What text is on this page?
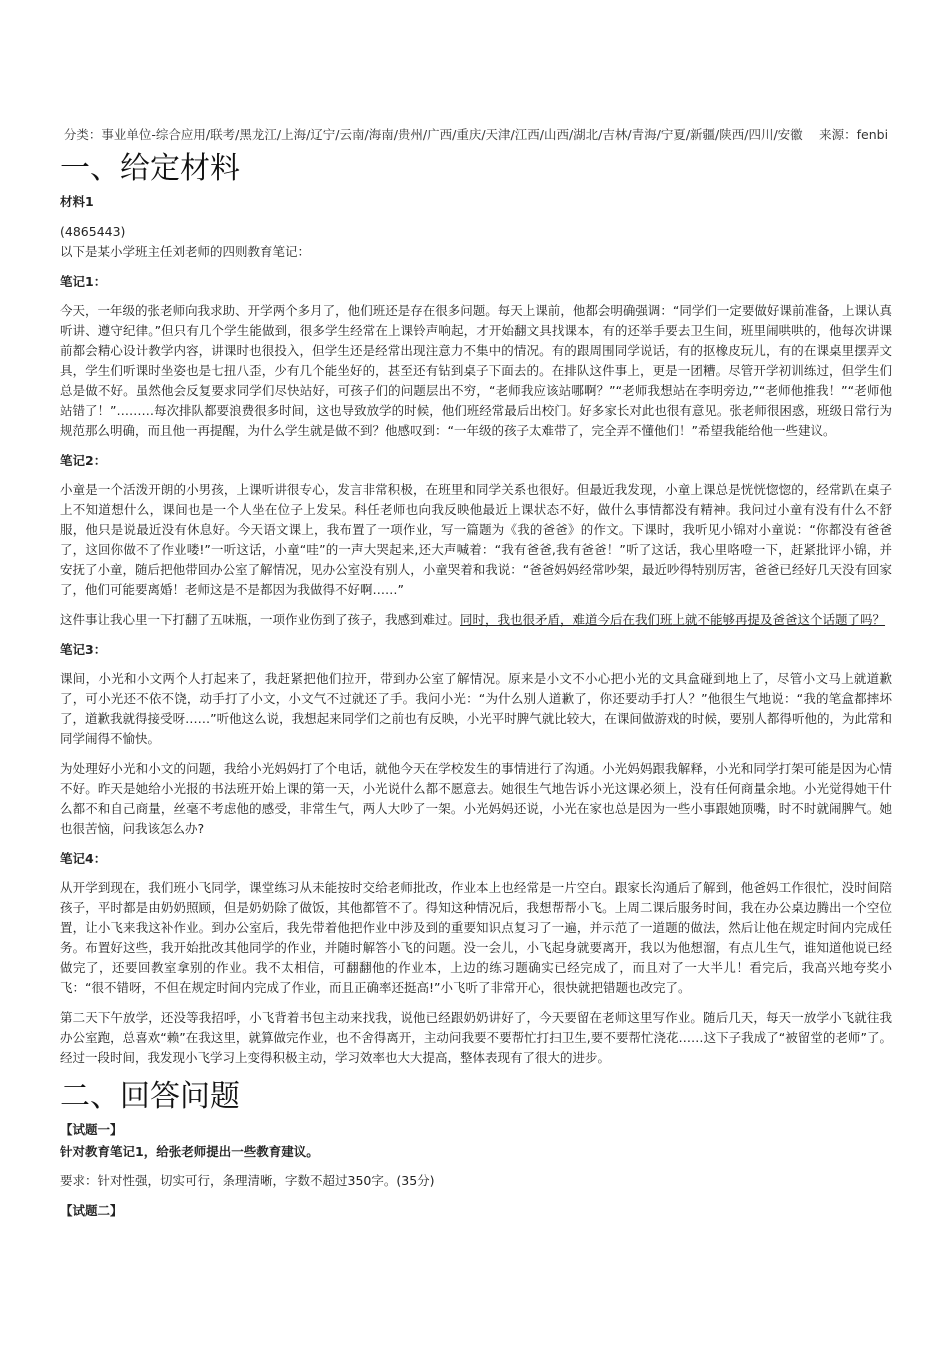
分类：事业单位-综合应用/联考/黑龙江/上海/辽宁/云南/海南/贵州/广西/重庆/天津/江西/山西/湖北/吉林/青海/宁夏/新疆/陕西/四川/安徽　 来源：fenbi
一、给定材料
材料1

(4865443)

以下是某小学班主任刘老师的四则教育笔记：

笔记1：

今天，一年级的张老师向我求助、开学两个多月了，他们班还是存在很多问题。每天上课前，他都会明确强调：“同学们一定要做好课前准备，上课认真听讲、遵守纪律。”但只有几个学生能做到，很多学生经常在上课铃声响起，才开始翻文具找课本，有的还举手要去卫生间，班里闹哄哄的，他每次讲课前都会精心设计教学内容，讲课时也很投入，但学生还是经常出现注意力不集中的情况。有的跟周围同学说话，有的抠橡皮玩儿，有的在课桌里摆弄文具，学生们听课时坐姿也是七扭八歪，少有几个能坐好的，甚至还有钻到桌子下面去的。在排队这件事上，更是一团糟。尽管开学初训练过，但学生们总是做不好。虽然他会反复要求同学们尽快站好，可孩子们的问题层出不穷，“老师我应该站哪啊？”“老师我想站在李明旁边,”“老师他推我！”“老师他站错了！”………每次排队都要浪费很多时间，这也导致放学的时候，他们班经常最后出校门。好多家长对此也很有意见。张老师很困惑，班级日常行为规范那么明确，而且他一再提醒，为什么学生就是做不到？他感叹到：“一年级的孩子太难带了，完全弄不懂他们！”希望我能给他一些建议。

笔记2：

小童是一个活泼开朗的小男孩，上课听讲很专心，发言非常积极，在班里和同学关系也很好。但最近我发现，小童上课总是恍恍惚惚的，经常趴在桌子上不知道想什么，课间也是一个人坐在位子上发呆。科任老师也向我反映他最近上课状态不好，做什么事情都没有精神。我问过小童有没有什么不舒服，他只是说最近没有休息好。今天语文课上，我布置了一项作业，写一篇题为《我的爸爸》的作文。下课时，我听见小锦对小童说：“你都没有爸爸了，这回你做不了作业喽!”一听这话，小童“哇”的一声大哭起来,还大声喊着：“我有爸爸,我有爸爸！”听了这话，我心里咯噔一下，赶紧批评小锦，并安抚了小童，随后把他带回办公室了解情况，见办公室没有别人，小童哭着和我说：“爸爸妈妈经常吵架，最近吵得特别厉害，爸爸已经好几天没有回家了，他们可能要离婚！老师这是不是都因为我做得不好啊……”

这件事让我心里一下打翻了五味瓶，一项作业伤到了孩子，我感到难过。同时，我也很矛盾，难道今后在我们班上就不能够再提及爸爸这个话题了吗？

笔记3：

课间，小光和小文两个人打起来了，我赶紧把他们拉开，带到办公室了解情况。原来是小文不小心把小光的文具盒碰到地上了，尽管小文马上就道歉了，可小光还不依不饶，动手打了小文，小文气不过就还了手。我问小光：“为什么别人道歉了，你还要动手打人？”他很生气地说：“我的笔盒都摔坏了，道歉我就得接受呀……”听他这么说，我想起来同学们之前也有反映，小光平时脾气就比较大，在课间做游戏的时候，要别人都得听他的，为此常和同学闹得不愉快。

为处理好小光和小文的问题，我给小光妈妈打了个电话，就他今天在学校发生的事情进行了沟通。小光妈妈跟我解释，小光和同学打架可能是因为心情不好。昨天是她给小光报的书法班开始上课的第一天，小光说什么都不愿意去。她很生气地告诉小光这课必须上，没有任何商量余地。小光觉得她干什么都不和自己商量，丝毫不考虑他的感受，非常生气，两人大吵了一架。小光妈妈还说，小光在家也总是因为一些小事跟她顶嘴，时不时就闹脾气。她也很苦恼，问我该怎么办?

笔记4：

从开学到现在，我们班小飞同学，课堂练习从未能按时交给老师批改，作业本上也经常是一片空白。跟家长沟通后了解到，他爸妈工作很忙，没时间陪孩子，平时都是由奶奶照顾，但是奶奶除了做饭，其他都管不了。得知这种情况后，我想帮帮小飞。上周二课后服务时间，我在办公桌边腾出一个空位置，让小飞来我这补作业。到办公室后，我先带着他把作业中涉及到的重要知识点复习了一遍，并示范了一道题的做法，然后让他在规定时间内完成任务。布置好这些，我开始批改其他同学的作业，并随时解答小飞的问题。没一会儿，小飞起身就要离开，我以为他想溜，有点儿生气，谁知道他说已经做完了，还要回教室拿别的作业。我不太相信，可翻翻他的作业本，上边的练习题确实已经完成了，而且对了一大半儿！看完后，我高兴地夸奖小飞：“很不错呀，不但在规定时间内完成了作业，而且正确率还挺高!”小飞听了非常开心，很快就把错题也改完了。

第二天下午放学，还没等我招呼，小飞背着书包主动来找我，说他已经跟奶奶讲好了，今天要留在老师这里写作业。随后几天，每天一放学小飞就往我办公室跑，总喜欢“赖”在我这里，就算做完作业，也不舍得离开，主动问我要不要帮忙打扫卫生,要不要帮忙浇花……这下子我成了“被留堂的老师”了。经过一段时间，我发现小飞学习上变得积极主动，学习效率也大大提高，整体表现有了很大的进步。

二、回答问题
【试题一】
针对教育笔记1，给张老师提出一些教育建议。

要求：针对性强，切实可行，条理清晰，字数不超过350字。(35分)

【试题二】
